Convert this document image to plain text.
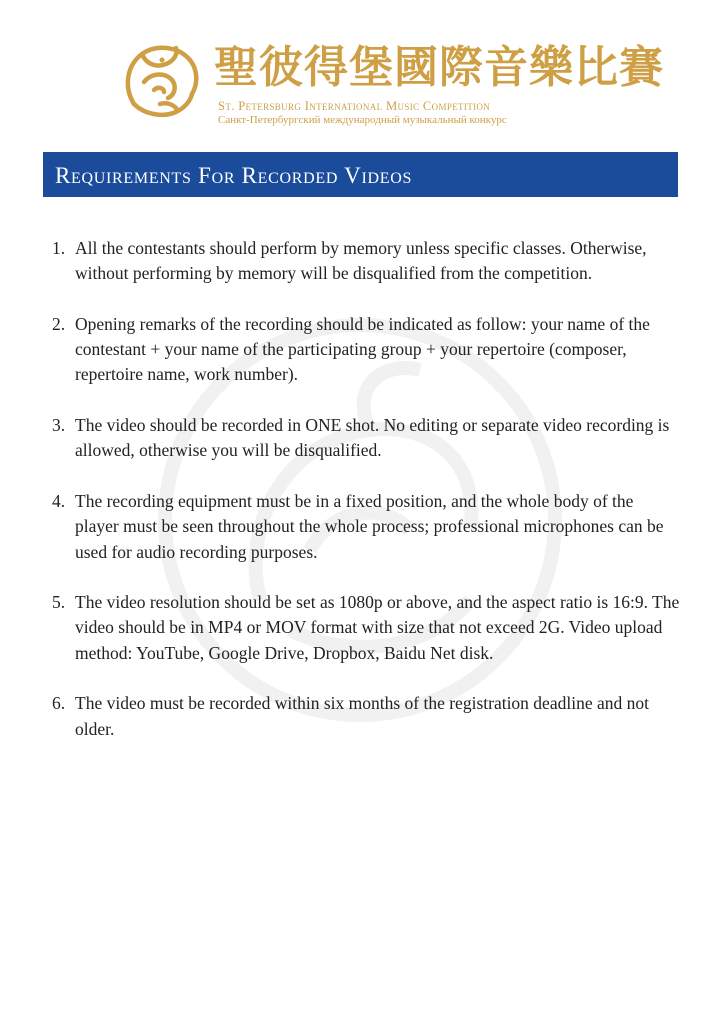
聖彼得堡國際音樂比賽

St. Petersburg International Music Competition

Санкт-Петербургский международный музыкальный конкурс

Requirements For Recorded Videos
1. All the contestants should perform by memory unless specific classes. Otherwise, without performing by memory will be disqualified from the competition.
2. Opening remarks of the recording should be indicated as follow: your name of the contestant + your name of the participating group + your repertoire (composer, repertoire name, work number).
3. The video should be recorded in ONE shot. No editing or separate video recording is allowed, otherwise you will be disqualified.
4. The recording equipment must be in a fixed position, and the whole body of the player must be seen throughout the whole process; professional microphones can be used for audio recording purposes.
5. The video resolution should be set as 1080p or above, and the aspect ratio is 16:9. The video should be in MP4 or MOV format with size that not exceed 2G. Video upload method: YouTube, Google Drive, Dropbox, Baidu Net disk.
6. The video must be recorded within six months of the registration deadline and not older.
